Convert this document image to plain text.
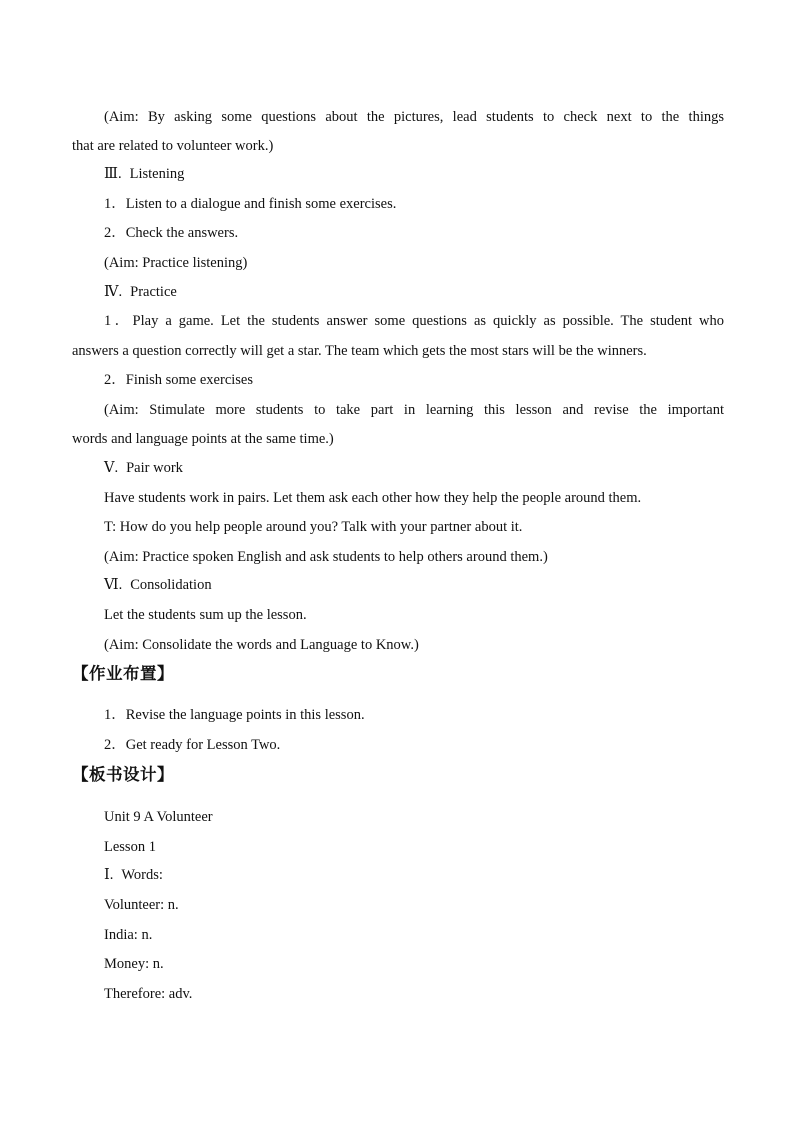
(Aim: By asking some questions about the pictures, lead students to check next to the things
that are related to volunteer work.)
Ⅲ. Listening
1．Listen to a dialogue and finish some exercises.
2．Check the answers.
(Aim: Practice listening)
Ⅳ. Practice
1．Play a game. Let the students answer some questions as quickly as possible. The student who
answers a question correctly will get a star. The team which gets the most stars will be the winners.
2．Finish some exercises
(Aim: Stimulate more students to take part in learning this lesson and revise the important
words and language points at the same time.)
Ⅴ. Pair work
Have students work in pairs. Let them ask each other how they help the people around them.
T: How do you help people around you? Talk with your partner about it.
(Aim: Practice spoken English and ask students to help others around them.)
Ⅵ. Consolidation
Let the students sum up the lesson.
(Aim: Consolidate the words and Language to Know.)
【作业布置】
1．Revise the language points in this lesson.
2．Get ready for Lesson Two.
【板书设计】
Unit 9 A Volunteer
Lesson 1
Ⅰ. Words:
Volunteer: n.
India: n.
Money: n.
Therefore: adv.
